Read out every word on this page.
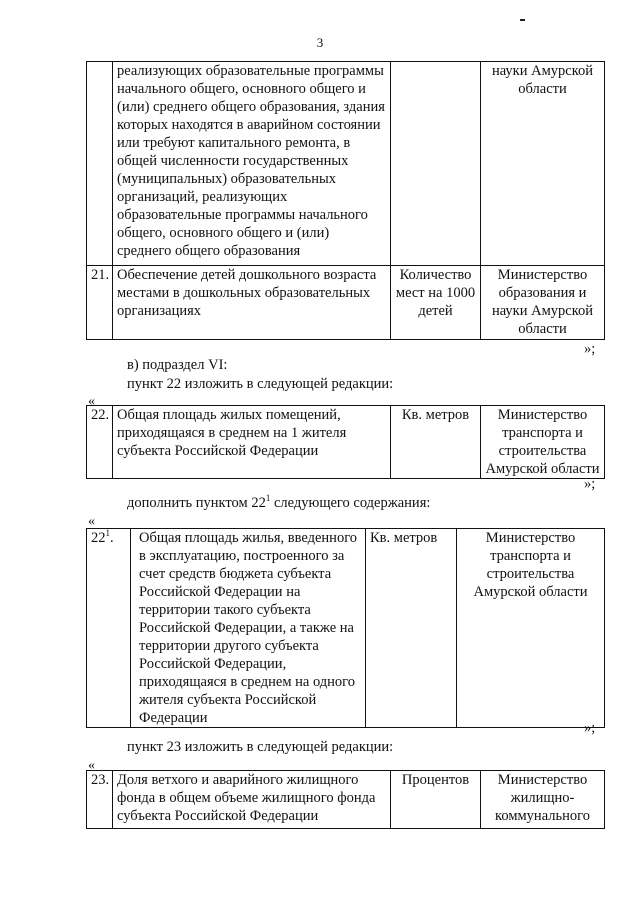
3
	реализующих образовательные программы начального общего, основного общего и (или) среднего общего образования, здания которых находятся в аварийном состоянии или требуют капитального ремонта, в общей численности государственных (муниципальных) образовательных организаций, реализующих образовательные программы начального общего, основного общего и (или) среднего общего образования		науки Амурской области
21.	Обеспечение детей дошкольного возраста местами в дошкольных образовательных организациях	Количество мест на 1000 детей	Министерство образования и науки Амурской области
»;
в) подраздел VI:
пункт 22 изложить в следующей редакции:
«
22.	Общая площадь жилых помещений, приходящаяся в среднем на 1 жителя субъекта Российской Федерации	Кв. метров	Министерство транспорта и строительства Амурской области
»;
дополнить пунктом $22^1$ следующего содержания:
«
$22^1$.	Общая площадь жилья, введенного в эксплуатацию, построенного за счет средств бюджета субъекта Российской Федерации на территории такого субъекта Российской Федерации, а также на территории другого субъекта Российской Федерации, приходящаяся в среднем на одного жителя субъекта Российской Федерации	Кв. метров	Министерство транспорта и строительства Амурской области
»;
пункт 23 изложить в следующей редакции:
«
23.	Доля ветхого и аварийного жилищного фонда в общем объеме жилищного фонда субъекта Российской Федерации	Процентов	Министерство жилищно-коммунального
